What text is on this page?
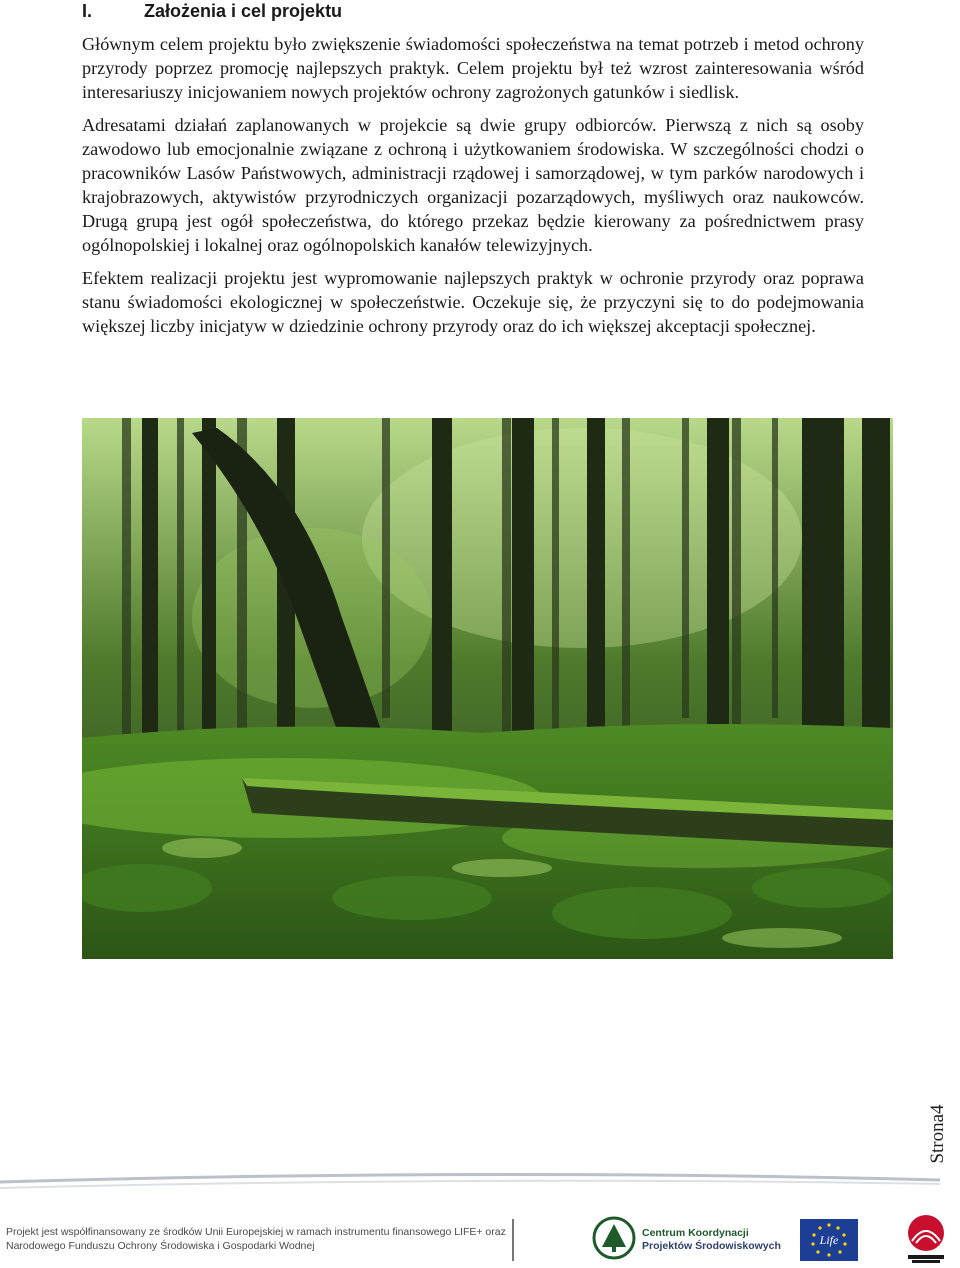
I.	Założenia i cel projektu

Głównym celem projektu było zwiększenie świadomości społeczeństwa na temat potrzeb i metod ochrony przyrody poprzez promocję najlepszych praktyk. Celem projektu był też wzrost zainteresowania wśród interesariuszy inicjowaniem nowych projektów ochrony zagrożonych gatunków i siedlisk.

Adresatami działań zaplanowanych w projekcie są dwie grupy odbiorców. Pierwszą z nich są osoby zawodowo lub emocjonalnie związane z ochroną i użytkowaniem środowiska. W szczególności chodzi o pracowników Lasów Państwowych, administracji rządowej i samorządowej, w tym parków narodowych i krajobrazowych, aktywistów przyrodniczych organizacji pozarządowych, myśliwych oraz naukowców. Drugą grupą jest ogół społeczeństwa, do którego przekaz będzie kierowany za pośrednictwem prasy ogólnopolskiej i lokalnej oraz ogólnopolskich kanałów telewizyjnych.

Efektem realizacji projektu jest wypromowanie najlepszych praktyk w ochronie przyrody oraz poprawa stanu świadomości ekologicznej w społeczeństwie. Oczekuje się, że przyczyni się to do podejmowania większej liczby inicjatyw w dziedzinie ochrony przyrody oraz do ich większej akceptacji społecznej.

Strona4
Projekt jest współfinansowany ze środków Unii Europejskiej w ramach instrumentu finansowego LIFE+ oraz Narodowego Funduszu Ochrony Środowiska i Gospodarki Wodnej
Centrum Koordynacji
Projektów Środowiskowych	Life
